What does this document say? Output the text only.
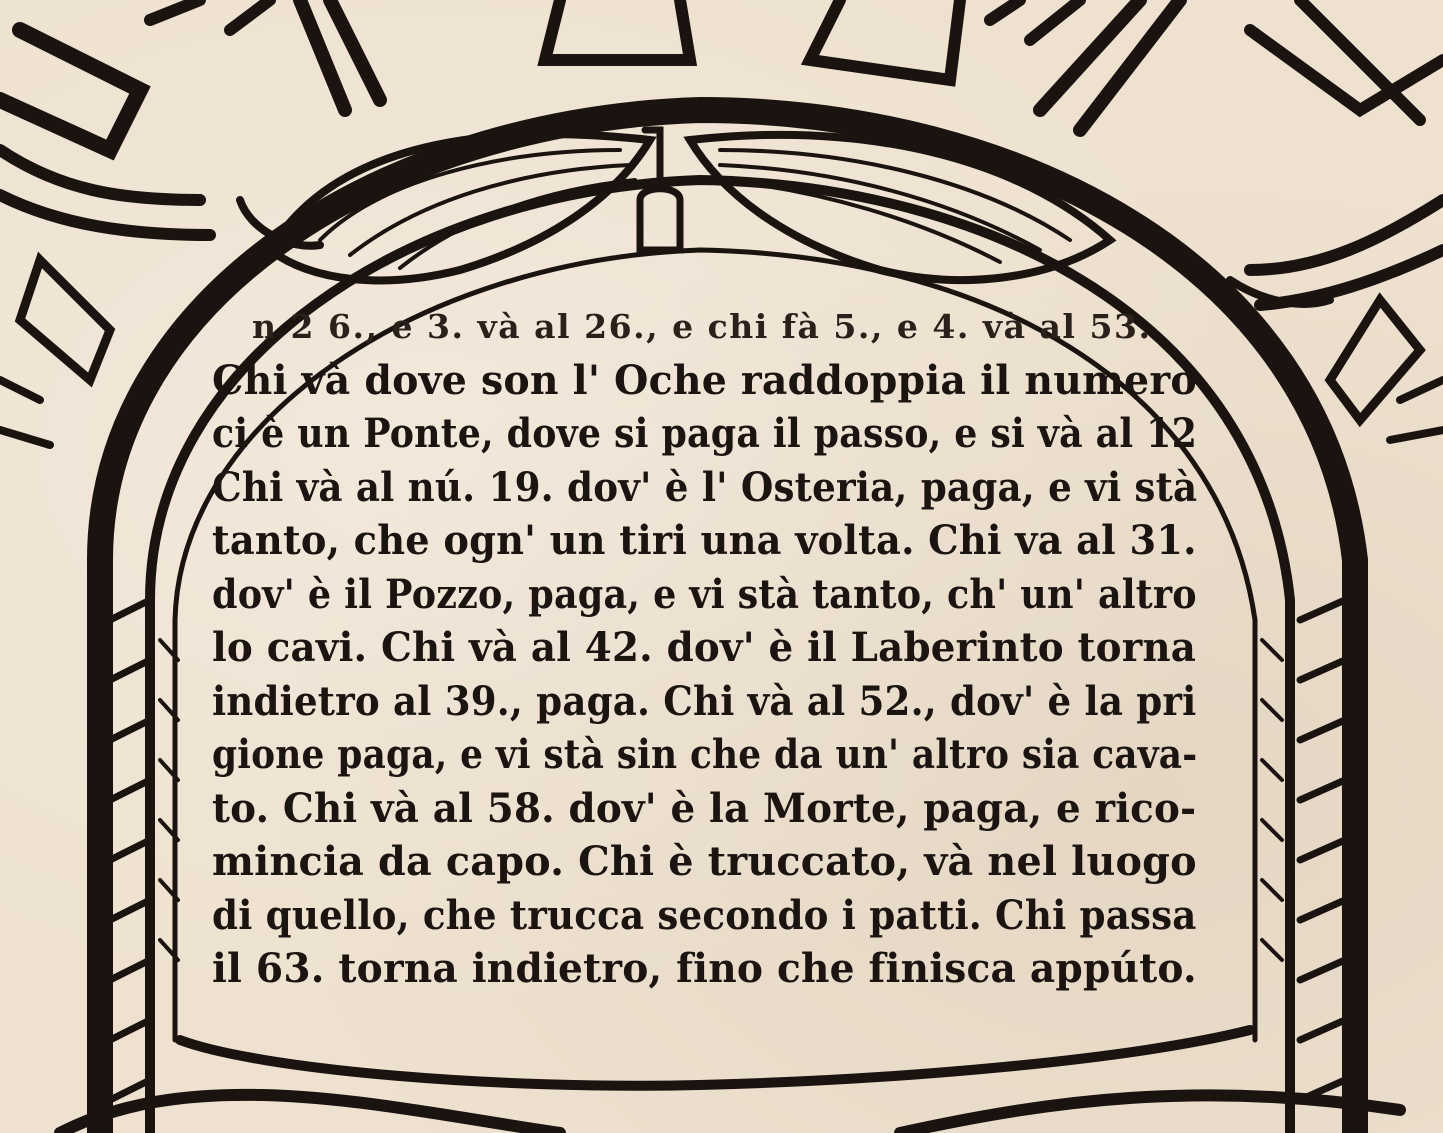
n 2 6., e 3. và al 26., e chi fà 5., e 4. và al 53.
Chi và dove son l' Oche raddoppia il numero
ci è un Ponte, dove si paga il passo, e si và al 12
Chi và al nú. 19. dov' è l' Osteria, paga, e vi stà
tanto, che ogn' un tiri una volta. Chi va al 31.
dov' è il Pozzo, paga, e vi stà tanto, ch' un' altro
lo cavi. Chi và al 42. dov' è il Laberinto torna
indietro al 39., paga. Chi và al 52., dov' è la pri
gione paga, e vi stà sin che da un' altro sia cava-
to. Chi và al 58. dov' è la Morte, paga, e rico-
mincia da capo. Chi è truccato, và nel luogo
di quello, che trucca secondo i patti. Chi passa
il 63. torna indietro, fino che finisca appúto.
